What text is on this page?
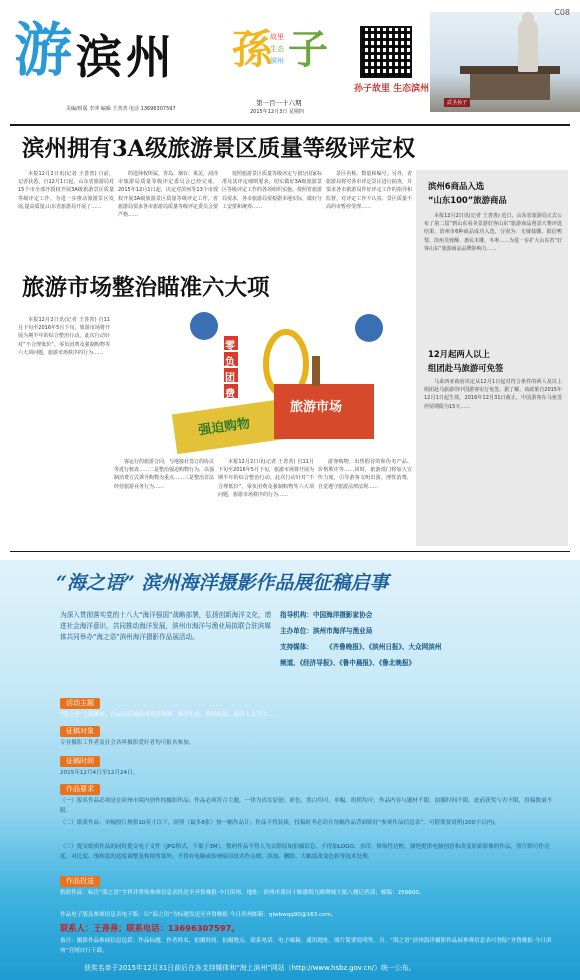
游 滨州 孫
故里
生态
滨州 子
孙子故里 生态滨州
武圣孙子
C08
美编/组版 李冲 编辑 王善善 电话 13696307597
第一百一十六期
2015年12月3日 星期四
滨州拥有3A级旅游景区质量等级评定权

本报12月2日讯(记者 王善善) 日前，记者获悉，自12月1日起，山东省旅游局对15个市全部开授权开展3A级旅游景区质量等级评定工作。为进一步推动旅游景区发展,提高质量,山东省旅游局开展了……

的选择权所属，青岛、烟台、莱芜，菏泽市旅游局质量等级评定委员会已经完成，2015年12月1日起，决定对滨州等13个市授权开展3A级旅游景区质量等级评定工作。省旅游局要求各市旅游局质量等级评定委员会要严格……

按照旅游景区质量等级评定与划分国家标准及其评定细则要求，切实做好3A级旅游景区等级评定工作的各项组织实施。按照省旅游局要求，各市旅游局要根据本地实际，做好分工安排和统筹……

景区名称、数量和编号。另外，省旅游局将对各市评定景区进行抽查，并要求各市旅游局作好评定工作的指导和监督，对评定工作不认真、景区质量不高的市暂停受理……

滨州6商品入选
“山东100”旅游商品

本报12月2日讯(记者 王善善) 近日，山东省旅游局正式公布了第二届“到山东看美景游好客山东”旅游商品创意大赛评选结果，滨州市6种商品成功入选，分别为：无棣盐雕、阳信鸭梨、滨州芙蓉酥、惠民木雕、冬枣……为进一步扩大山东省“好客山东”旅游商品品牌影响力……

12月起两人以上
组团赴马旅游可免签

马来西亚政府决定从12月1日起对符合条件的两人及以上组团赴马旅游的中国游客实行免签。据了解，该政策自2015年12月1日起生效，2016年12月31日截止，中国游客在马免签停留期限为15天……

旅游市场整治瞄准六大项

本报12月2日讯(记者 王善善) 自11月下旬至2016年5月下旬，旅游市场将开展为期半年的综合整治行动。此次行动针对“不合理低价”、零负团费及强制购物等六大项问题，旅游市场秩序的行为……

零
负
团
费
强迫购物
旅游市场

客运行的旅游合同，与地接社签订的协议等进行核查……二是整治强迫购物行为，以强制消费方式诱导购物为重点……三是整治非法经营旅游业务行为……

本报12月2日讯(记者 王善善) 自11月下旬至2016年5月下旬，旅游市场将开展为期半年的综合整治行动。此次行动针对“不合理低价”、零负团费及强制购物等六大项问题，旅游市场秩序的行为……

游客购物，出售假冒的和伪劣产品、价格欺诈等……同时，旅游部门将加大宣传力度，引导游客文明出游、理性消费，自觉遵守旅游法律法规……

“海之语” 滨州海洋摄影作品展征稿启事
为深入贯彻落实党的十八大“海洋强国”战略部署，弘扬创新海洋文化，增进社会海洋意识，共同推动海洋发展，滨州市海洋与渔业局拟联合驻滨媒体共同举办“海之语”滨州海洋摄影作品展活动。
指导机构：中国海洋摄影家协会
主办单位：滨州市海洋与渔业局
支持媒体： 《齐鲁晚报》、《滨州日报》、大众网滨州
频道、《经济导报》、《鲁中晨报》、《鲁北晚报》
活动主题
“海之语”主题摄影，作品以反映滨州海洋资源、海洋生态、海洋经济、海洋人文为主……
征稿对象
专业摄影工作者及社会各界摄影爱好者均可报名参加。
征稿时间
2015年12月4日至12月24日。
作品要求
（一）报名作品必须是在滨州市境内创作的摄影作品；作品必须符合主题，一律为真实原创；彩色、黑白均可，单幅、组照均可；作品内容与题材不限，拍摄时间不限，此前获奖与否不限，投稿数量不限。
（二）纸质作品：单幅照片规格10英寸以下，组照（最多8张）按一幅作品计；作品不得装裱。投稿时务必请在每幅作品背面贴好“参赛作品信息表”，可附简要说明(200字以内)。
（三）提交纸质作品的同时提交电子文件（JPG格式，不低于3M）。数码作品不得人为去除原始拍摄信息，不得加LOGO、水印、修饰性边框。谢绝提供电脑创意和改变原始影像的作品，照片除可作亮度、对比度、饱和度的适度调整及构图剪裁外，不得有电脑或传统暗房技术作点缀、添加、删除、大幅度改变色彩等技术处理。
作品投送
纸质作品：标注“海之语”字样并将贴参赛信息表投送至齐鲁晚报·今日滨州。地址：滨州市黄河十路渤海九路绸城大厦八楼记者部；邮编：256600。
作品电子版及参赛信息表电子版：以“海之语”为标题发送至齐鲁晚报·今日滨州邮箱：qlwbwqq90@163.com。
联系人：王善善；联系电话：13696307597。
备注：摄影作品参展信息包括：作品标题、作者姓名、拍摄时间、拍摄地点、联系电话、电子邮箱、通讯地址、图片简要说明等。另，“海之语”滨州海洋摄影作品展参赛信息表可登陆“齐鲁晚报·今日滨州”官网自行下载。
获奖名单于2015年12月31日前后在各支持媒体和“海上滨州”网站（http://www.hsbz.gov.cn/）统一公布。
